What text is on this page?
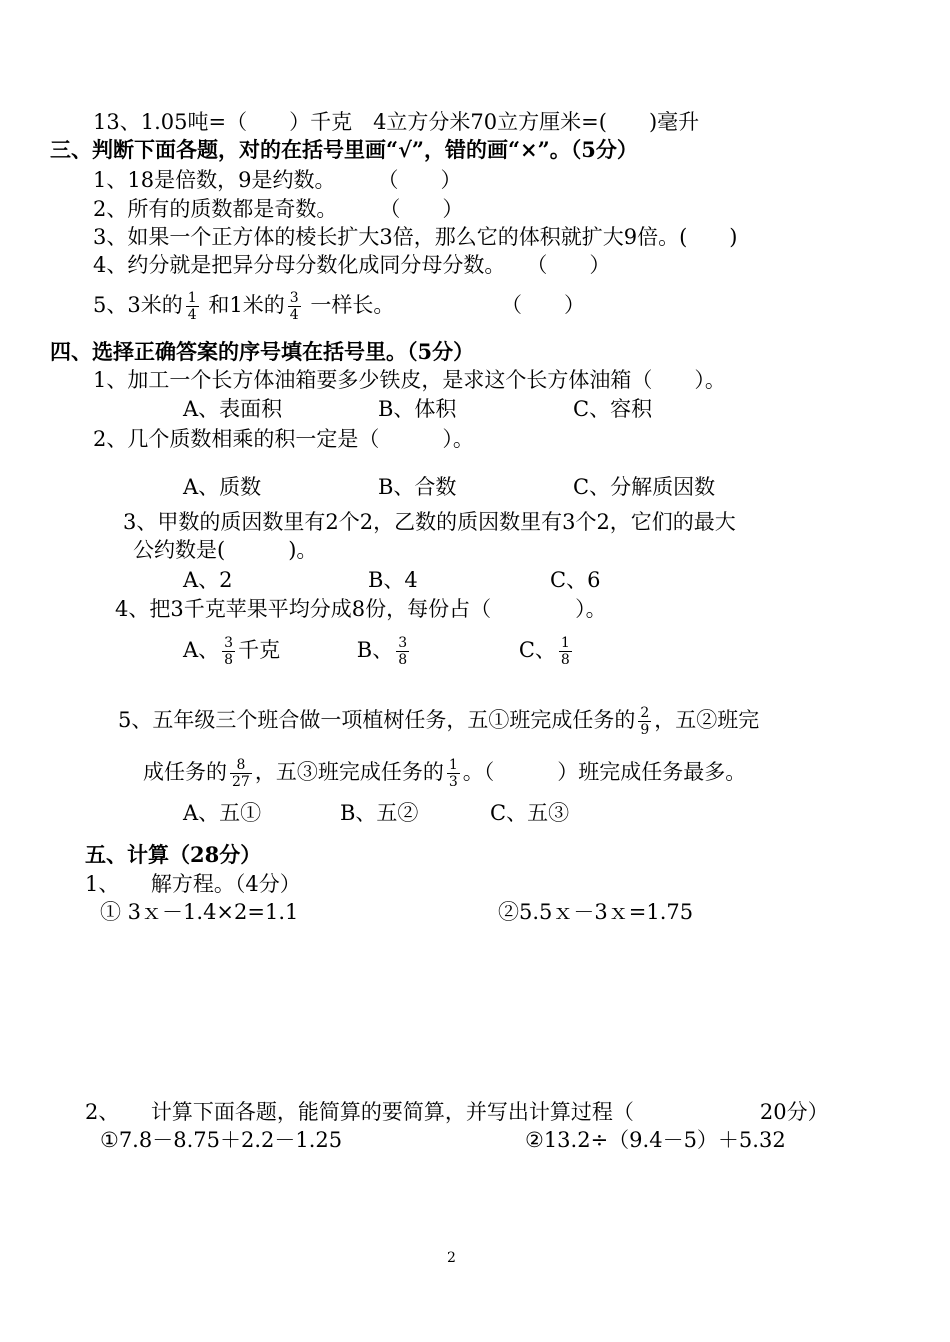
13、1.05吨=（　　）千克　4立方分米70立方厘米=(　　)毫升
三、判断下面各题，对的在括号里画“√”，错的画“×”。（5分）
1、18是倍数，9是约数。　　　（　　）
2、所有的质数都是奇数。　　　（　　）
3、如果一个正方体的棱长扩大3倍，那么它的体积就扩大9倍。(　　)
4、约分就是把异分母分数化成同分母分数。　　（　　）
5、3米的 $\frac{1}{4}$ 和1米的 $\frac{3}{4}$ 一样长。	（　　）
四、选择正确答案的序号填在括号里。（5分）
1、加工一个长方体油箱要多少铁皮，是求这个长方体油箱（　　）。
A、表面积	B、体积	C、容积
2、几个质数相乘的积一定是（　　　）。
A、质数	B、合数	C、分解质因数
3、甲数的质因数里有2个2，乙数的质因数里有3个2，它们的最大
公约数是(　　　)。
A、2	B、4	C、6
4、把3千克苹果平均分成8份，每份占（　　　　）。
A、 $\frac{3}{8}$ 千克	B、 $\frac{3}{8}$	C、 $\frac{1}{8}$
5、五年级三个班合做一项植树任务，五①班完成任务的 $\frac{2}{9}$ ，五②班完
成任务的 $\frac{8}{27}$ ，五③班完成任务的 $\frac{1}{3}$ 。（　　　）班完成任务最多。
A、五①	B、五②	C、五③
五、计算（28分）
1、　　解方程。（4分）
① 3ｘ－1.4×2=1.1	②5.5ｘ－3ｘ=1.75
2、　　计算下面各题，能简算的要简算，并写出计算过程（　　　　　　20分）
①7.8－8.75＋2.2－1.25	②13.2÷（9.4－5）＋5.32
2
